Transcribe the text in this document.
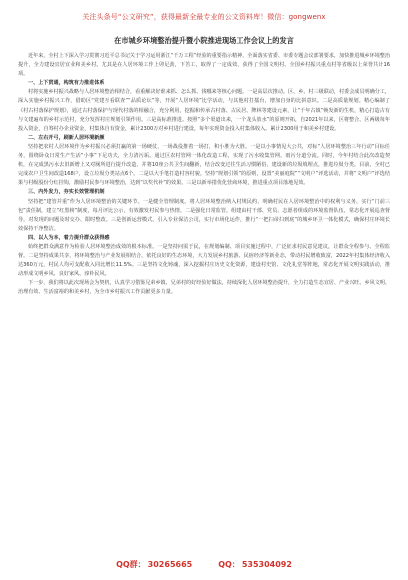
关注头条号“公文研究”，获得最新全最专业的公文资料库！微信：gongwenx
在市城乡环境整治提升暨小院推进现场工作会议上的发言

近年来，全村上下深入学习贯彻习近平总书记关于学习运用浙江“千万工程”经验的重要指示精神，全面落实省委、市委专题会议部署要求，加快推进城乡环境整治提升，全力建设宜居宜业和美乡村。尤其是在人居环境工作上卯足劲，下苦工，取得了一定成效，获得了全国文明村、全国乡村振兴重点村等省级以上荣誉共计16项。

一、上下贯通，构筑有力推进体系

村将实施乡村振兴战略与人居环境整治相结合，看重解决好谁来抓、怎么抓、钱哪来等核心问题。一是高层次推动。区、乡、村三级联动，村委会成员明确分工，深入实施乡村振兴工作，借助区“党建互看联查”“品质论坛”等，开展“人居环境”比学活动，与其他村打擂台，增加自身的比拼意识。二是高质量规划。精心编制了《村古村落保护规划》，通过古村落保护与现代村落的相融合，充分利用，挖掘和传承古村落、古民居、牌林等建设元素，让“千年古镇”焕发新的生机，精心打造古有与文建遍布的乡村示范村，充分发挥村庄规划引领作用。三是高标准推进。按照“多个渠道出来，一个龙头放水”的原则开拓，自2021年以来，区将整合、区两级每年投入资金，自筹村办企业资金，村集体自有资金，累计2300万对乡村进行建设，每年实现资金投入村集体收入。累计2300用于和美乡村建设。

二、左右开弓，刷新人居环境新颜

坚持把农村人居环境作为乡村振兴必须打赢的第一场硬仗，一场战役推着一场打，积小胜为大胜。一是以小事情见大公共，对标“人居环境整治三年行动”目标任务，围绕卧众日常生产生活“小事”下足功夫，全力清污垢。通过区农村管网一体化改造工程，实现了污水收集管网、雨污分道分流。同时，今年村结合此次改造契机，在完成黑污水去旧新增上又对厕所进行提升改造，并将10座公共卫生间翻新，结合改变过往生活习惯陋俗，建设新的垃圾填埋点，推进垃圾分类。目前，全村已完成农户卫生间改造168户，设立垃圾分类站点6个。二是以大手笔打造村容村貌。坚持“规划引领”的原则，设置“美丽庭院”“文明户”评选活动，并将“文明户”评选结果与村级股份分红挂钩，激励村民参与环境整治，达到“以奖代补”的效果。三是以新举措优化营商环境，推进重点项目落地见效。

三、内外发力，夯实长效管理机制

坚持把“建管并重”作为人居环境整治的关键环节。一是健全管理制度。将人居环境整治纳入村规民约，明确村民在人居环境整治中的权利与义务，实行“门前三包”责任制，建立“红黑榜”制度，每月评比公示，有效激发村民参与热情。二是强化日常监管。组建由村干部、党员、志愿者组成的环境监督队伍，常态化开展巡查督导，对发现的问题及时交办、限时整改。三是创新运营模式。引入专业保洁公司，实行市场化运作，推行“一把扫帚扫到底”的城乡环卫一体化模式，确保村庄环境长效保持干净整洁。

四、以人为本，着力提升群众获得感

始终把群众满意作为检验人居环境整治成效的根本标准。一是坚持问需于民，在规划编制、项目实施过程中，广泛征求村民意见建议，让群众全程参与、全程监督。二是坚持成果共享，将环境整治与产业发展相结合，依托良好的生态环境，大力发展乡村旅游、民宿经济等新业态，带动村民增收致富，2022年村集体经济收入达360万元，村民人均可支配收入同比增长11.5%。三是坚持文化铸魂，深入挖掘村庄历史文化资源，建设村史馆、文化礼堂等阵地，常态化开展文明实践活动，推动形成文明乡风、良好家风、淳朴民风。

下一步，我们将以此次现场会为契机，认真学习借鉴兄弟乡镇、兄弟村的好经验好做法，持续深化人居环境整治提升，全力打造生态宜居、产业兴旺、乡风文明、治理有效、生活富裕的和美乡村，为全市乡村振兴工作贡献更多力量。

QQ群： 30265665	QQ： 535304092
